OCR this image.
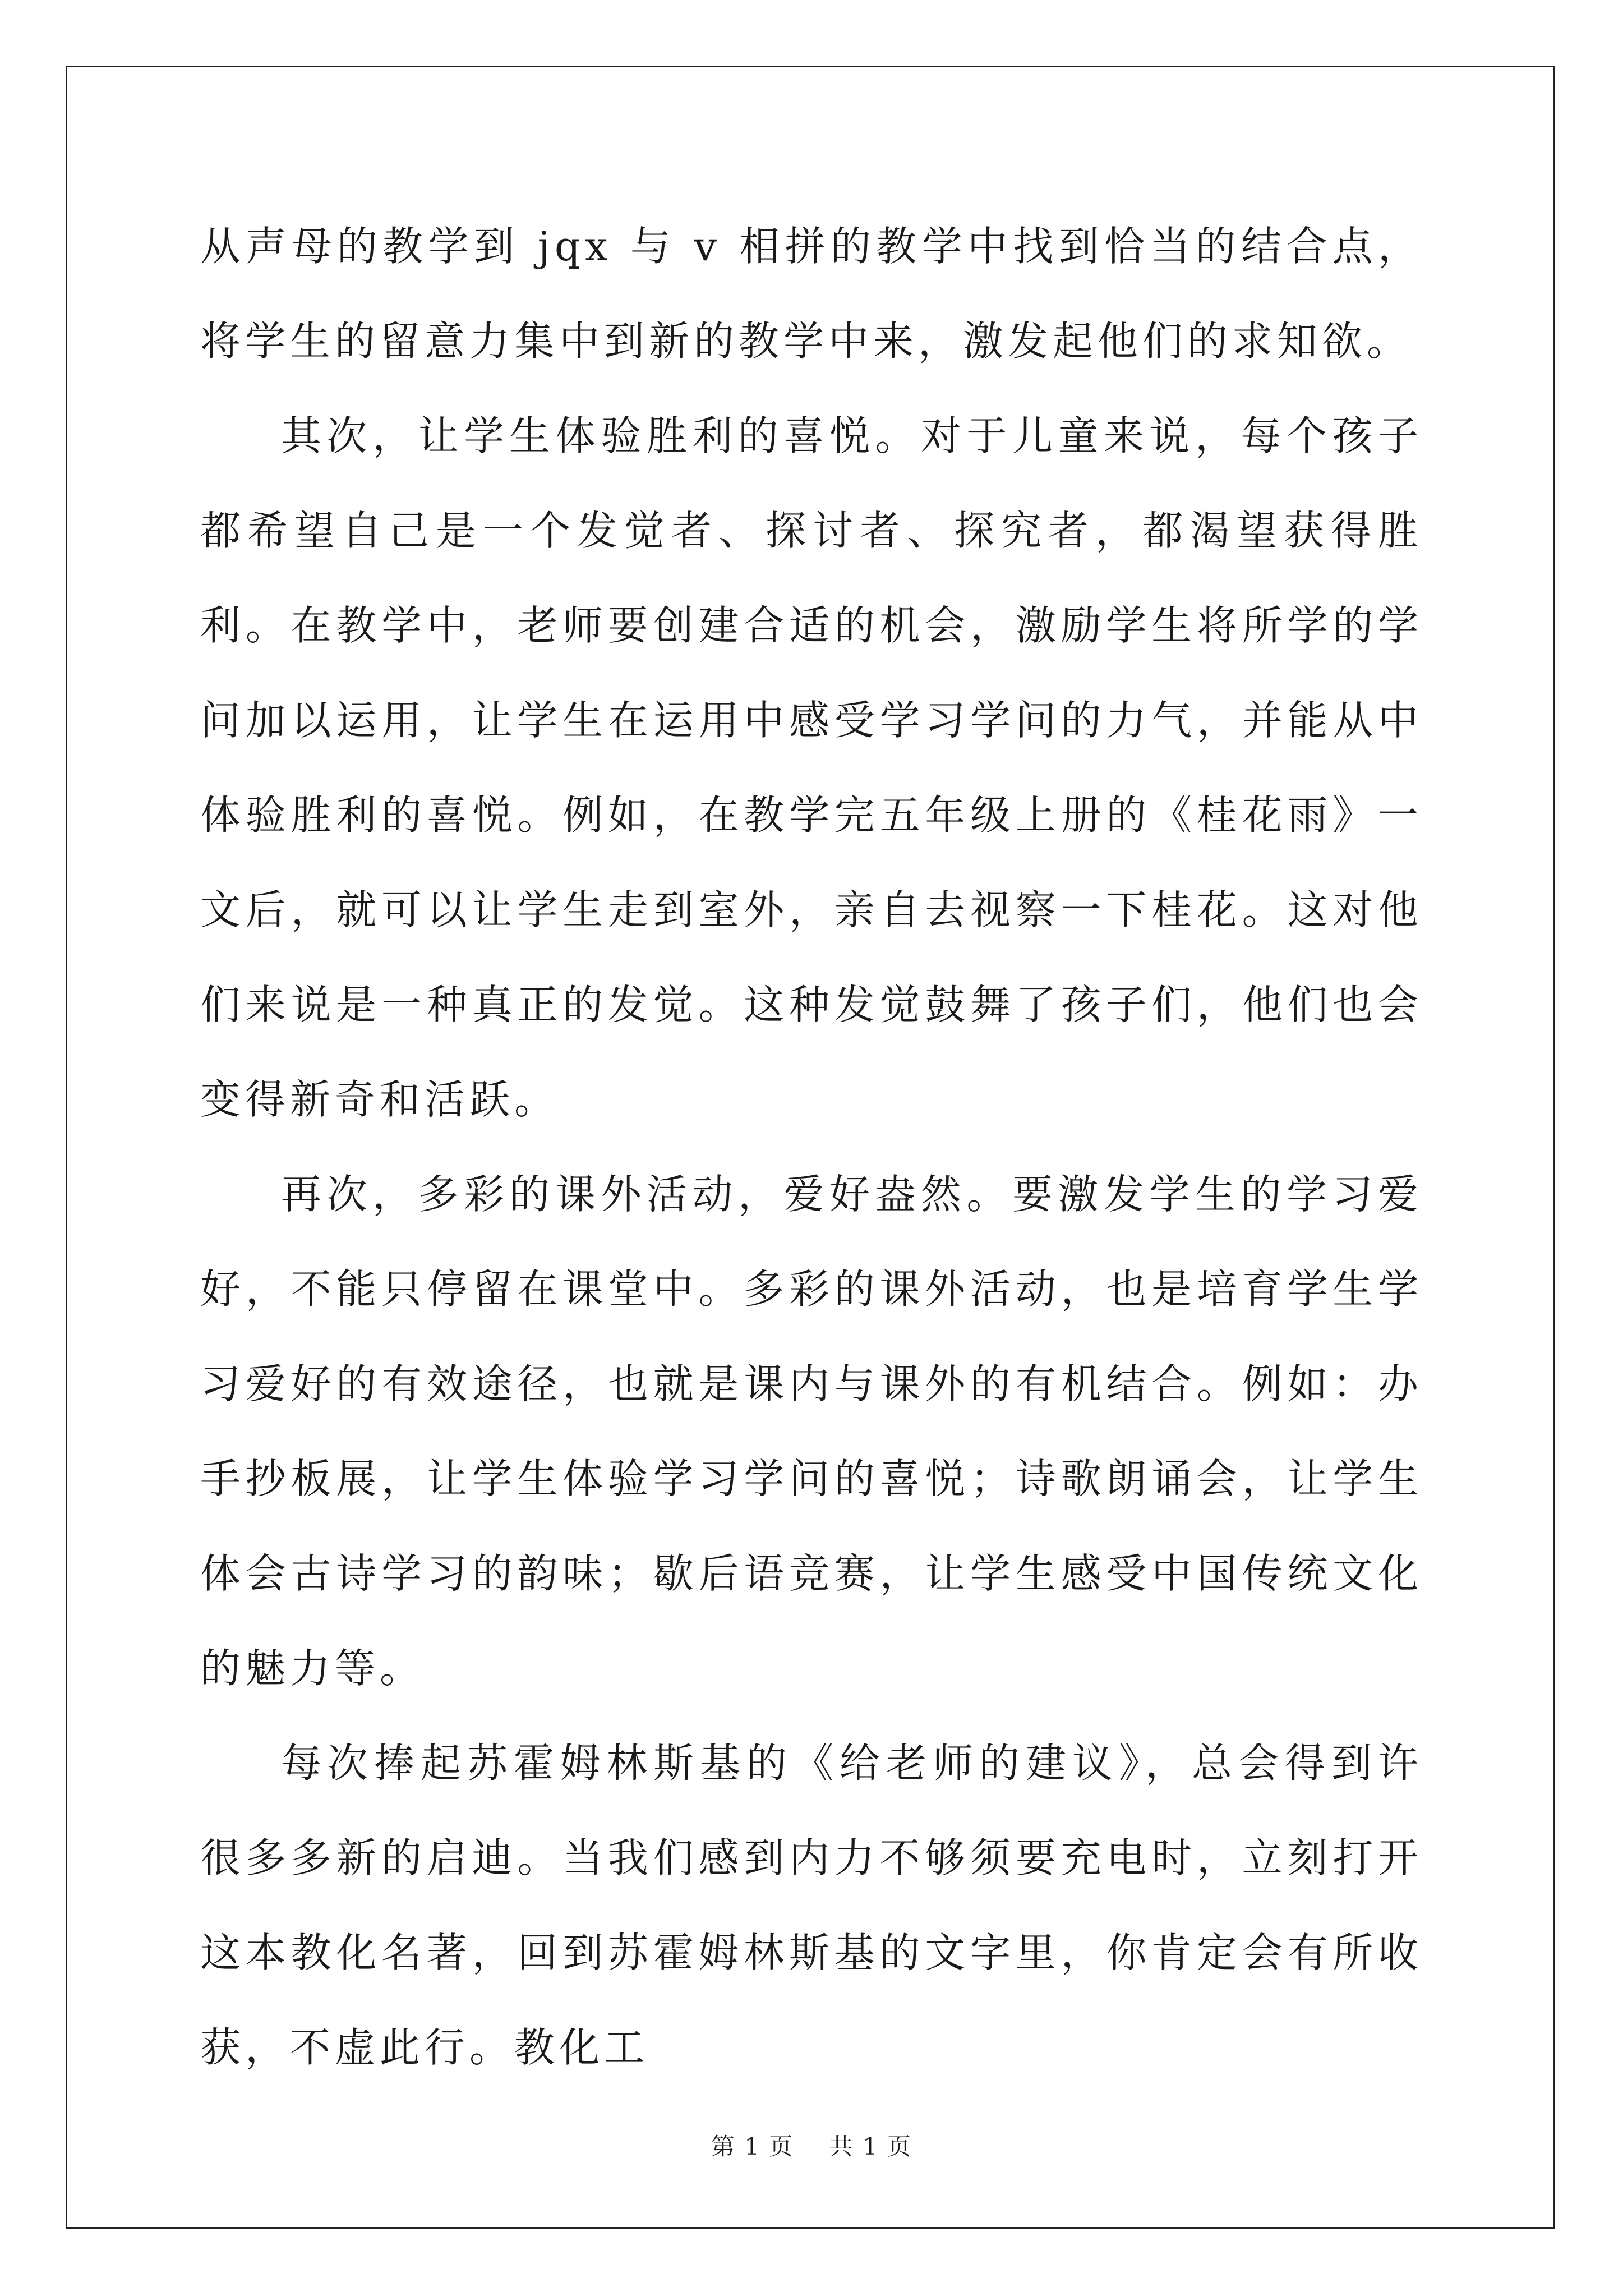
从声母的教学到 jqx 与 v 相拼的教学中找到恰当的结合点，将学生的留意力集中到新的教学中来，激发起他们的求知欲。

其次，让学生体验胜利的喜悦。对于儿童来说，每个孩子都希望自己是一个发觉者、探讨者、探究者，都渴望获得胜利。在教学中，老师要创建合适的机会，激励学生将所学的学问加以运用，让学生在运用中感受学习学问的力气，并能从中体验胜利的喜悦。例如，在教学完五年级上册的《桂花雨》一文后，就可以让学生走到室外，亲自去视察一下桂花。这对他们来说是一种真正的发觉。这种发觉鼓舞了孩子们，他们也会变得新奇和活跃。

再次，多彩的课外活动，爱好盎然。要激发学生的学习爱好，不能只停留在课堂中。多彩的课外活动，也是培育学生学习爱好的有效途径，也就是课内与课外的有机结合。例如：办手抄板展，让学生体验学习学问的喜悦；诗歌朗诵会，让学生体会古诗学习的韵味；歇后语竞赛，让学生感受中国传统文化的魅力等。

每次捧起苏霍姆林斯基的《给老师的建议》，总会得到许很多多新的启迪。当我们感到内力不够须要充电时，立刻打开这本教化名著，回到苏霍姆林斯基的文字里，你肯定会有所收获，不虚此行。教化工

第 1 页 共 1 页
